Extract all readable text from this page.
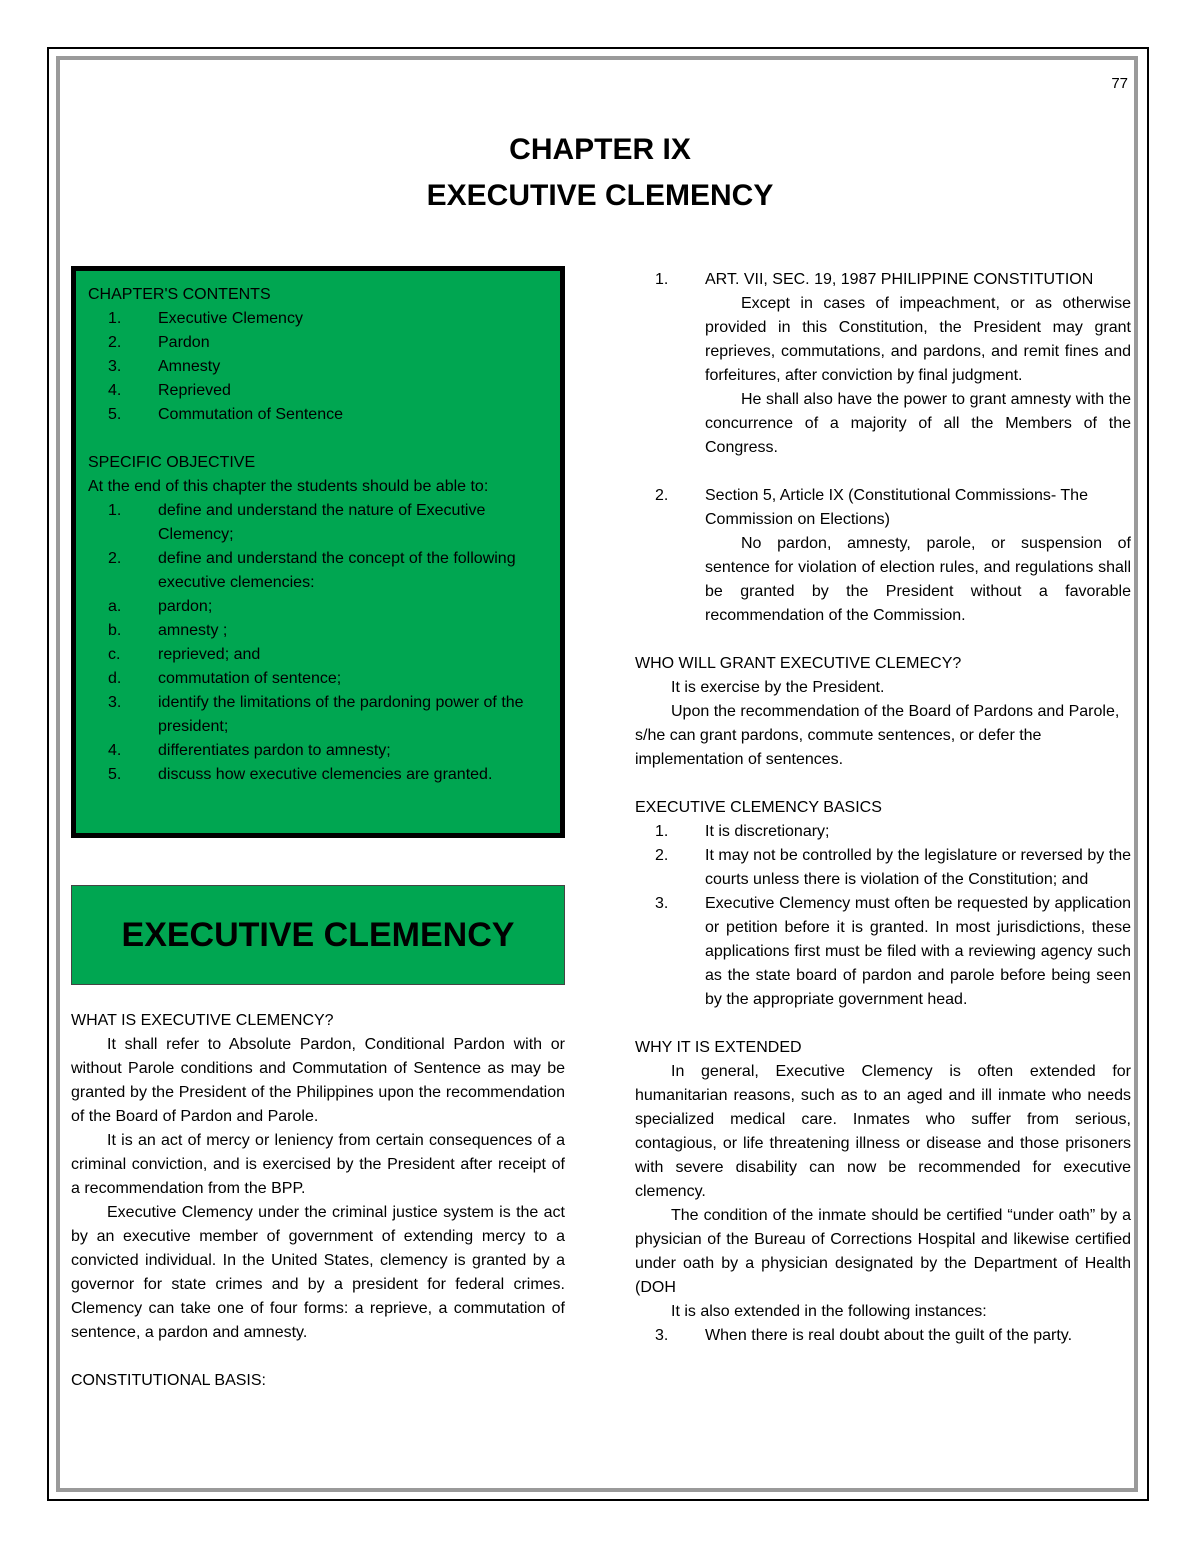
77
CHAPTER IX
EXECUTIVE CLEMENCY
CHAPTER'S CONTENTS
1.	Executive Clemency
2.	Pardon
3.	Amnesty
4.	Reprieved
5.	Commutation of Sentence
SPECIFIC OBJECTIVE
At the end of this chapter the students should be able to:
1.	define and understand the nature of Executive Clemency;
2.	define and understand the concept of the following executive clemencies:
a.	pardon;
b.	amnesty ;
c.	reprieved; and
d.	commutation of sentence;
3.	identify the limitations of the pardoning power of the president;
4.	differentiates pardon to amnesty;
5.	discuss how executive clemencies are granted.
EXECUTIVE CLEMENCY
WHAT IS EXECUTIVE CLEMENCY?
It shall refer to Absolute Pardon, Conditional Pardon with or without Parole conditions and Commutation of Sentence as may be granted by the President of the Philippines upon the recommendation of the Board of Pardon and Parole.
It is an act of mercy or leniency from certain consequences of a criminal conviction, and is exercised by the President after receipt of a recommendation from the BPP.
Executive Clemency under the criminal justice system is the act by an executive member of government of extending mercy to a convicted individual. In the United States, clemency is granted by a governor for state crimes and by a president for federal crimes. Clemency can take one of four forms: a reprieve, a commutation of sentence, a pardon and amnesty.
CONSTITUTIONAL BASIS:
1.	ART. VII, SEC. 19, 1987 PHILIPPINE CONSTITUTION
Except in cases of impeachment, or as otherwise provided in this Constitution, the President may grant reprieves, commutations, and pardons, and remit fines and forfeitures, after conviction by final judgment.
He shall also have the power to grant amnesty with the concurrence of a majority of all the Members of the Congress.
2.	Section 5, Article IX (Constitutional Commissions- The Commission on Elections)
No pardon, amnesty, parole, or suspension of sentence for violation of election rules, and regulations shall be granted by the President without a favorable recommendation of the Commission.
WHO WILL GRANT EXECUTIVE CLEMECY?
It is exercise by the President.
Upon the recommendation of the Board of Pardons and Parole, s/he can grant pardons, commute sentences, or defer the implementation of sentences.
EXECUTIVE CLEMENCY BASICS
1.	It is discretionary;
2.	It may not be controlled by the legislature or reversed by the courts unless there is violation of the Constitution; and
3.	Executive Clemency must often be requested by application or petition before it is granted. In most jurisdictions, these applications first must be filed with a reviewing agency such as the state board of pardon and parole before being seen by the appropriate government head.
WHY IT IS EXTENDED
In general, Executive Clemency is often extended for humanitarian reasons, such as to an aged and ill inmate who needs specialized medical care. Inmates who suffer from serious, contagious, or life threatening illness or disease and those prisoners with severe disability can now be recommended for executive clemency.
The condition of the inmate should be certified “under oath” by a physician of the Bureau of Corrections Hospital and likewise certified under oath by a physician designated by the Department of Health (DOH
It is also extended in the following instances:
3.	When there is real doubt about the guilt of the party.
